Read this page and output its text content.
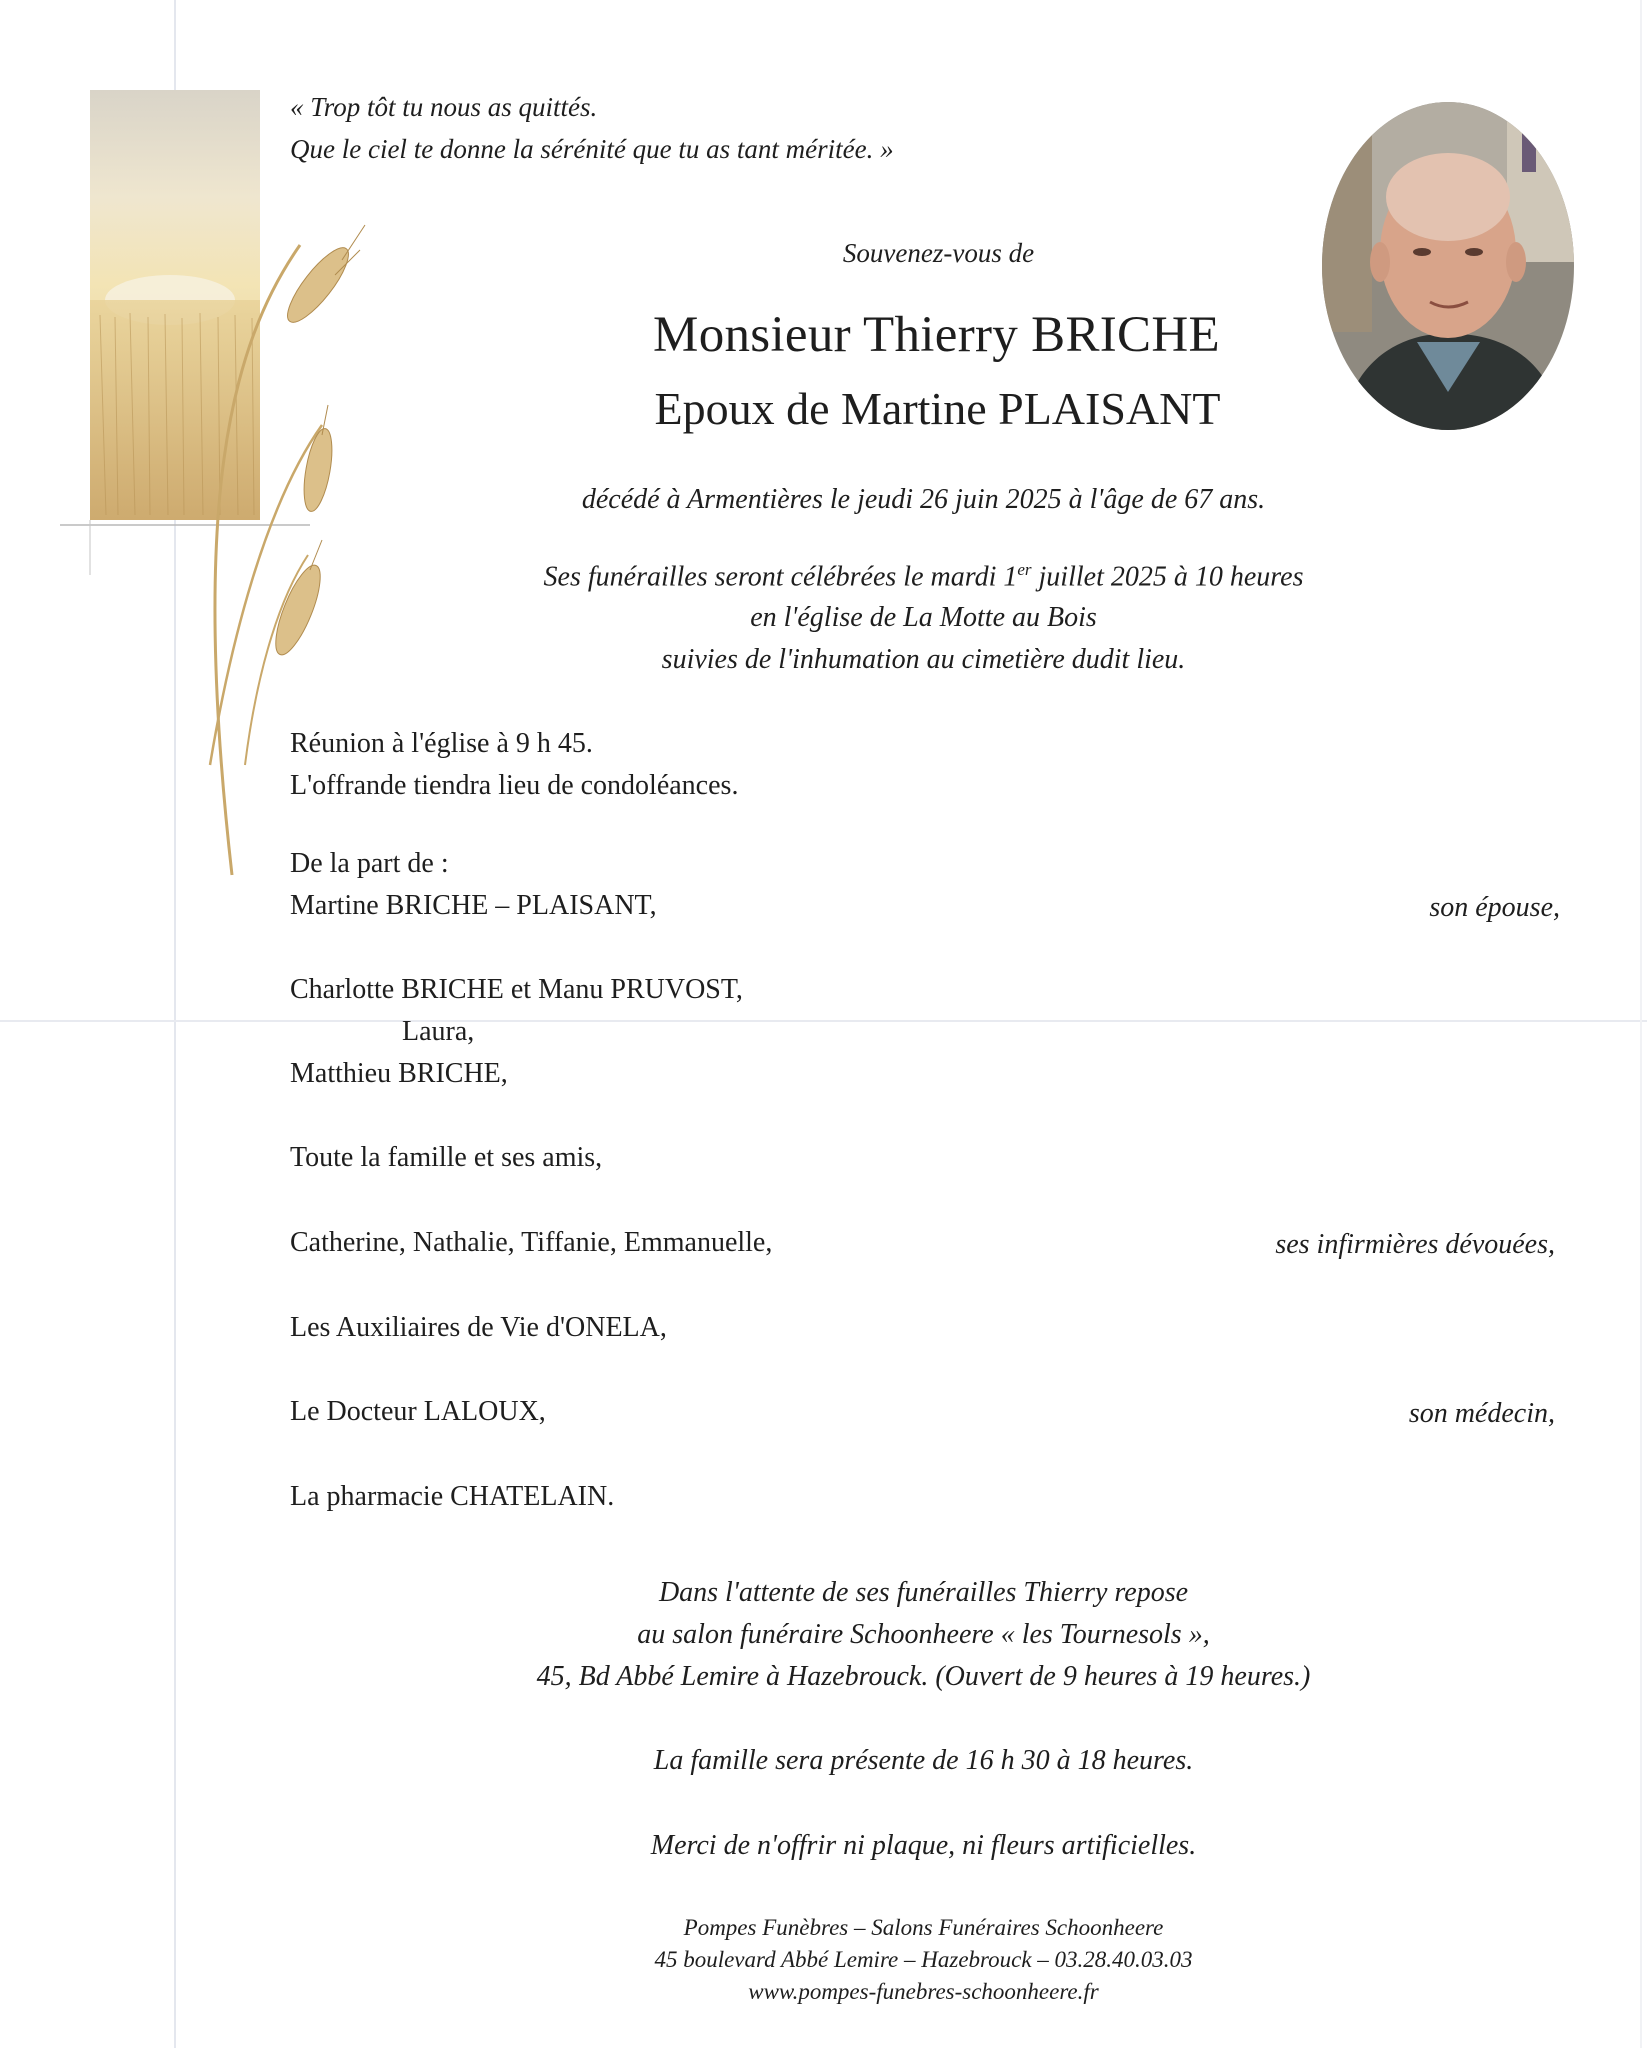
« Trop tôt tu nous as quittés.

Que le ciel te donne la sérénité que tu as tant méritée. »

Souvenez-vous de

Monsieur Thierry BRICHE

Epoux de Martine PLAISANT

décédé à Armentières le jeudi 26 juin 2025 à l'âge de 67 ans.

Ses funérailles seront célébrées le mardi 1er juillet 2025 à 10 heures

en l'église de La Motte au Bois

suivies de l'inhumation au cimetière dudit lieu.

Réunion à l'église à 9 h 45.

L'offrande tiendra lieu de condoléances.

De la part de :

Martine BRICHE – PLAISANT,	son épouse,

Charlotte BRICHE et Manu PRUVOST,

Laura,

Matthieu BRICHE,

Toute la famille et ses amis,

Catherine, Nathalie, Tiffanie, Emmanuelle,	ses infirmières dévouées,

Les Auxiliaires de Vie d'ONELA,

Le Docteur LALOUX,	son médecin,

La pharmacie CHATELAIN.

Dans l'attente de ses funérailles Thierry repose

au salon funéraire Schoonheere « les Tournesols »,

45, Bd Abbé Lemire à Hazebrouck. (Ouvert de 9 heures à 19 heures.)

La famille sera présente de 16 h 30 à 18 heures.

Merci de n'offrir ni plaque, ni fleurs artificielles.

Pompes Funèbres – Salons Funéraires Schoonheere

45 boulevard Abbé Lemire – Hazebrouck – 03.28.40.03.03

www.pompes-funebres-schoonheere.fr
